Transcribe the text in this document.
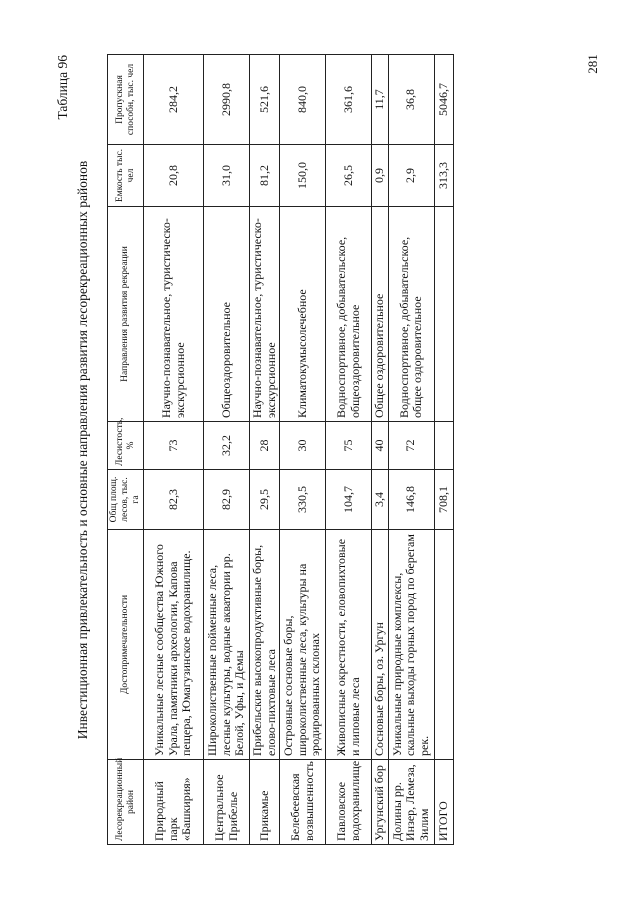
Таблица 96
Инвестиционная привлекательность и основные направления развития лесорекреационных районов
Лесорекреационный район	Достопримечательности	Общ площ. лесов, тыс. га	Лесистость, %	Направления развития рекреации	Емкость тыс. чел	Пропускная способн, тыс. чел
Природный парк «Башкирия»	Уникальные лесные сообщества Южного Урала, памятники археологии, Капова пещера, Юмагузинское водохранилище.	82,3	73	Научно-познавательное, туристическо-экскурсионное	20,8	284,2
Центральное Прибелье	Широколиственные пойменные леса, лесные культуры, водные акватории рр. Белой, Уфы, и Демы	82,9	32,2	Общеоздоровительное	31,0	2990,8
Прикамье	Прибельские высокопродуктивные боры, елово-пихтовые леса	29,5	28	Научно-познавательное, туристическо-экскурсионное	81,2	521,6
Белебеевская возвышенность	Островные сосновые боры, широколиственные леса, культуры на эродированных склонах	330,5	30	Климатокумысолечебное	150,0	840,0
Павловское водохранилище	Живописные окрестности, еловопихтовые и липовые леса	104,7	75	Водноспортивное, добывательское, общеоздоровительное	26,5	361,6
Ургунский бор	Сосновые боры, оз. Ургун	3,4	40	Общее оздоровительное	0,9	11,7
Долины рр. Инзер, Лемеза, Зилим	Уникальные природные комплексы, скальные выходы горных пород по берегам рек.	146,8	72	Водноспортивное, добывательское, общее оздоровительное	2,9	36,8
ИТОГО		708,1			313,3	5046,7
281
